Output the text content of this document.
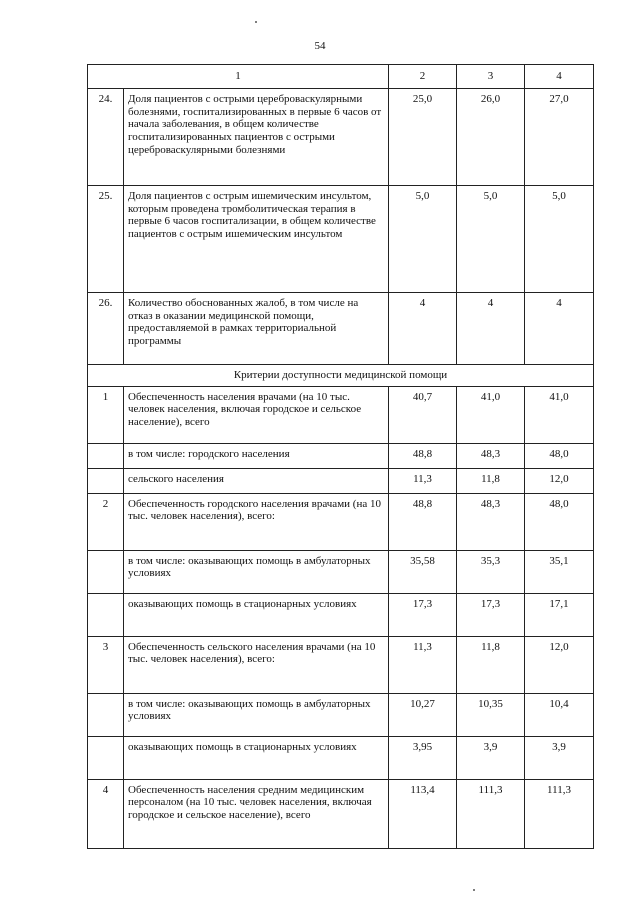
54
1		2	3	4
24.	Доля пациентов с острыми цереброваскулярными болезнями, госпитализированных в первые 6 часов от начала заболевания, в общем количестве госпитализированных пациентов с острыми цереброваскулярными болезнями	25,0	26,0	27,0
25.	Доля пациентов с острым ишемическим инсультом, которым проведена тромболитическая терапия в первые 6 часов госпитализации, в общем количестве пациентов с острым ишемическим инсультом	5,0	5,0	5,0
26.	Количество обоснованных жалоб, в том числе на отказ в оказании медицинской помощи, предоставляемой в рамках территориальной программы	4	4	4
Критерии доступности медицинской помощи				
1	Обеспеченность населения врачами (на 10 тыс. человек населения, включая городское и сельское население), всего	40,7	41,0	41,0
	в том числе: городского населения	48,8	48,3	48,0
	сельского населения	11,3	11,8	12,0
2	Обеспеченность городского населения врачами (на 10 тыс. человек населения), всего:	48,8	48,3	48,0
	в том числе: оказывающих помощь в амбулаторных условиях	35,58	35,3	35,1
	оказывающих помощь в стационарных условиях	17,3	17,3	17,1
3	Обеспеченность сельского населения врачами (на 10 тыс. человек населения), всего:	11,3	11,8	12,0
	в том числе: оказывающих помощь в амбулаторных условиях	10,27	10,35	10,4
	оказывающих помощь в стационарных условиях	3,95	3,9	3,9
4	Обеспеченность населения средним медицинским персоналом (на 10 тыс. человек населения, включая городское и сельское население), всего	113,4	111,3	111,3
